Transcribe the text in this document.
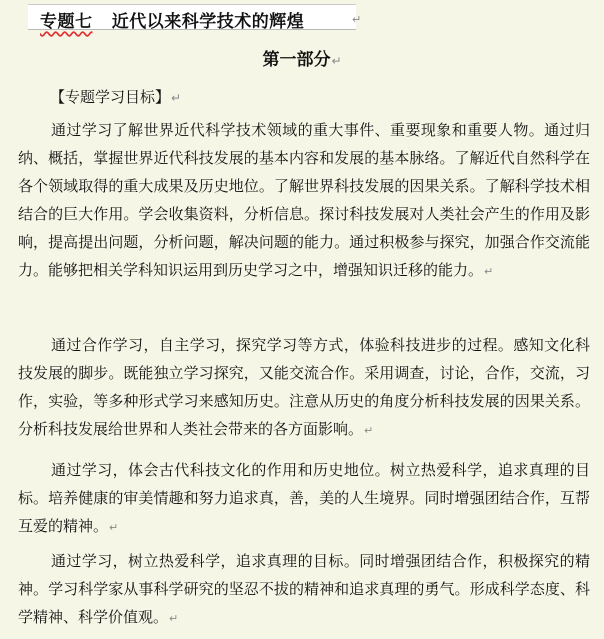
专题七 近代以来科学技术的辉煌	↵
第一部分↵
【专题学习目标】↵
通过学习了解世界近代科学技术领域的重大事件、重要现象和重要人物。通过归纳、概括，掌握世界近代科技发展的基本内容和发展的基本脉络。了解近代自然科学在各个领域取得的重大成果及历史地位。了解世界科技发展的因果关系。了解科学技术相结合的巨大作用。学会收集资料，分析信息。探讨科技发展对人类社会产生的作用及影响，提高提出问题，分析问题，解决问题的能力。通过积极参与探究，加强合作交流能力。能够把相关学科知识运用到历史学习之中，增强知识迁移的能力。↵
通过合作学习，自主学习，探究学习等方式，体验科技进步的过程。感知文化科技发展的脚步。既能独立学习探究，又能交流合作。采用调查，讨论，合作，交流，习作，实验，等多种形式学习来感知历史。注意从历史的角度分析科技发展的因果关系。分析科技发展给世界和人类社会带来的各方面影响。↵
通过学习，体会古代科技文化的作用和历史地位。树立热爱科学，追求真理的目标。培养健康的审美情趣和努力追求真，善，美的人生境界。同时增强团结合作，互帮互爱的精神。↵
通过学习，树立热爱科学，追求真理的目标。同时增强团结合作，积极探究的精神。学习科学家从事科学研究的坚忍不拔的精神和追求真理的勇气。形成科学态度、科学精神、科学价值观。↵
